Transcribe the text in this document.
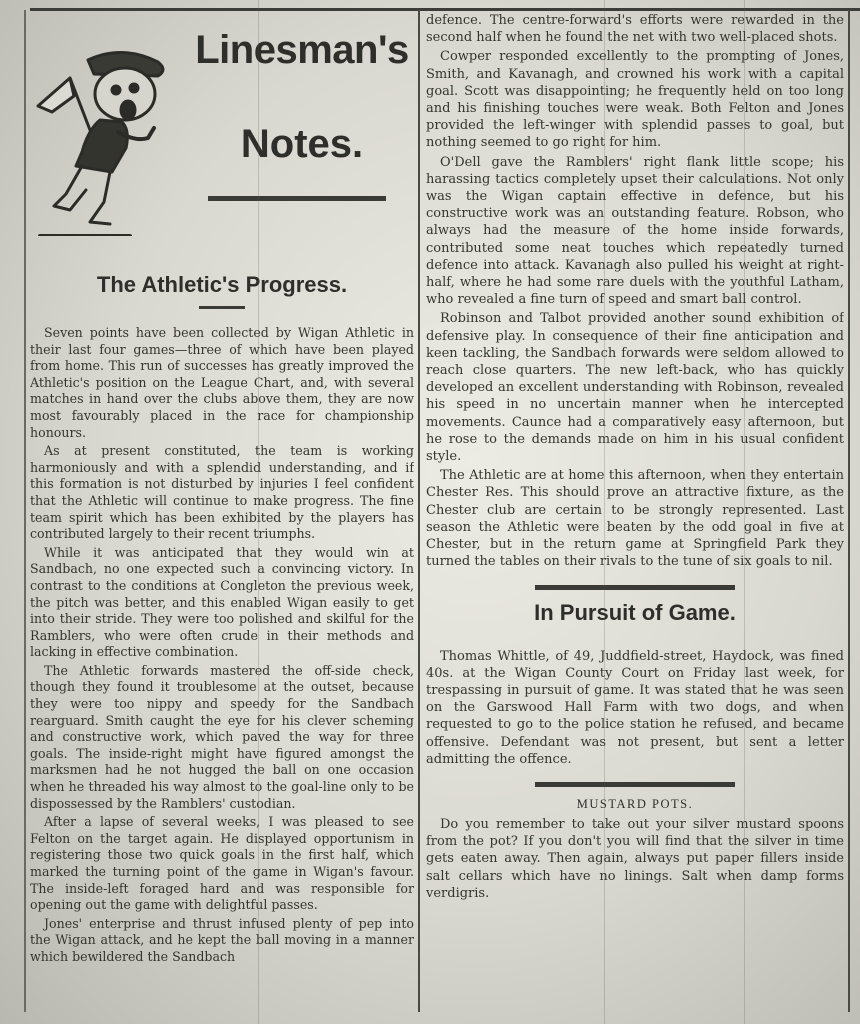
Linesman's
Notes.
The Athletic's Progress.

Seven points have been collected by Wigan Athletic in their last four games—three of which have been played from home. This run of successes has greatly improved the Athletic's position on the League Chart, and, with several matches in hand over the clubs above them, they are now most favourably placed in the race for championship honours.

As at present constituted, the team is working harmoniously and with a splendid understanding, and if this formation is not disturbed by injuries I feel confident that the Athletic will continue to make progress. The fine team spirit which has been exhibited by the players has contributed largely to their recent triumphs.

While it was anticipated that they would win at Sandbach, no one expected such a convincing victory. In contrast to the conditions at Congleton the previous week, the pitch was better, and this enabled Wigan easily to get into their stride. They were too polished and skilful for the Ramblers, who were often crude in their methods and lacking in effective combination.

The Athletic forwards mastered the off-side check, though they found it troublesome at the outset, because they were too nippy and speedy for the Sandbach rearguard. Smith caught the eye for his clever scheming and constructive work, which paved the way for three goals. The inside-right might have figured amongst the marksmen had he not hugged the ball on one occasion when he threaded his way almost to the goal-line only to be dispossessed by the Ramblers' custodian.

After a lapse of several weeks, I was pleased to see Felton on the target again. He displayed opportunism in registering those two quick goals in the first half, which marked the turning point of the game in Wigan's favour. The inside-left foraged hard and was responsible for opening out the game with delightful passes.

Jones' enterprise and thrust infused plenty of pep into the Wigan attack, and he kept the ball moving in a manner which bewildered the Sandbach

defence. The centre-forward's efforts were rewarded in the second half when he found the net with two well-placed shots.

Cowper responded excellently to the prompting of Jones, Smith, and Kavanagh, and crowned his work with a capital goal. Scott was disappointing; he frequently held on too long and his finishing touches were weak. Both Felton and Jones provided the left-winger with splendid passes to goal, but nothing seemed to go right for him.

O'Dell gave the Ramblers' right flank little scope; his harassing tactics completely upset their calculations. Not only was the Wigan captain effective in defence, but his constructive work was an outstanding feature. Robson, who always had the measure of the home inside forwards, contributed some neat touches which repeatedly turned defence into attack. Kavanagh also pulled his weight at right-half, where he had some rare duels with the youthful Latham, who revealed a fine turn of speed and smart ball control.

Robinson and Talbot provided another sound exhibition of defensive play. In consequence of their fine anticipation and keen tackling, the Sandbach forwards were seldom allowed to reach close quarters. The new left-back, who has quickly developed an excellent understanding with Robinson, revealed his speed in no uncertain manner when he intercepted movements. Caunce had a comparatively easy afternoon, but he rose to the demands made on him in his usual confident style.

The Athletic are at home this afternoon, when they entertain Chester Res. This should prove an attractive fixture, as the Chester club are certain to be strongly represented. Last season the Athletic were beaten by the odd goal in five at Chester, but in the return game at Springfield Park they turned the tables on their rivals to the tune of six goals to nil.

In Pursuit of Game.

Thomas Whittle, of 49, Juddfield-street, Haydock, was fined 40s. at the Wigan County Court on Friday last week, for trespassing in pursuit of game. It was stated that he was seen on the Garswood Hall Farm with two dogs, and when requested to go to the police station he refused, and became offensive. Defendant was not present, but sent a letter admitting the offence.

MUSTARD POTS.

Do you remember to take out your silver mustard spoons from the pot? If you don't you will find that the silver in time gets eaten away. Then again, always put paper fillers inside salt cellars which have no linings. Salt when damp forms verdigris.
